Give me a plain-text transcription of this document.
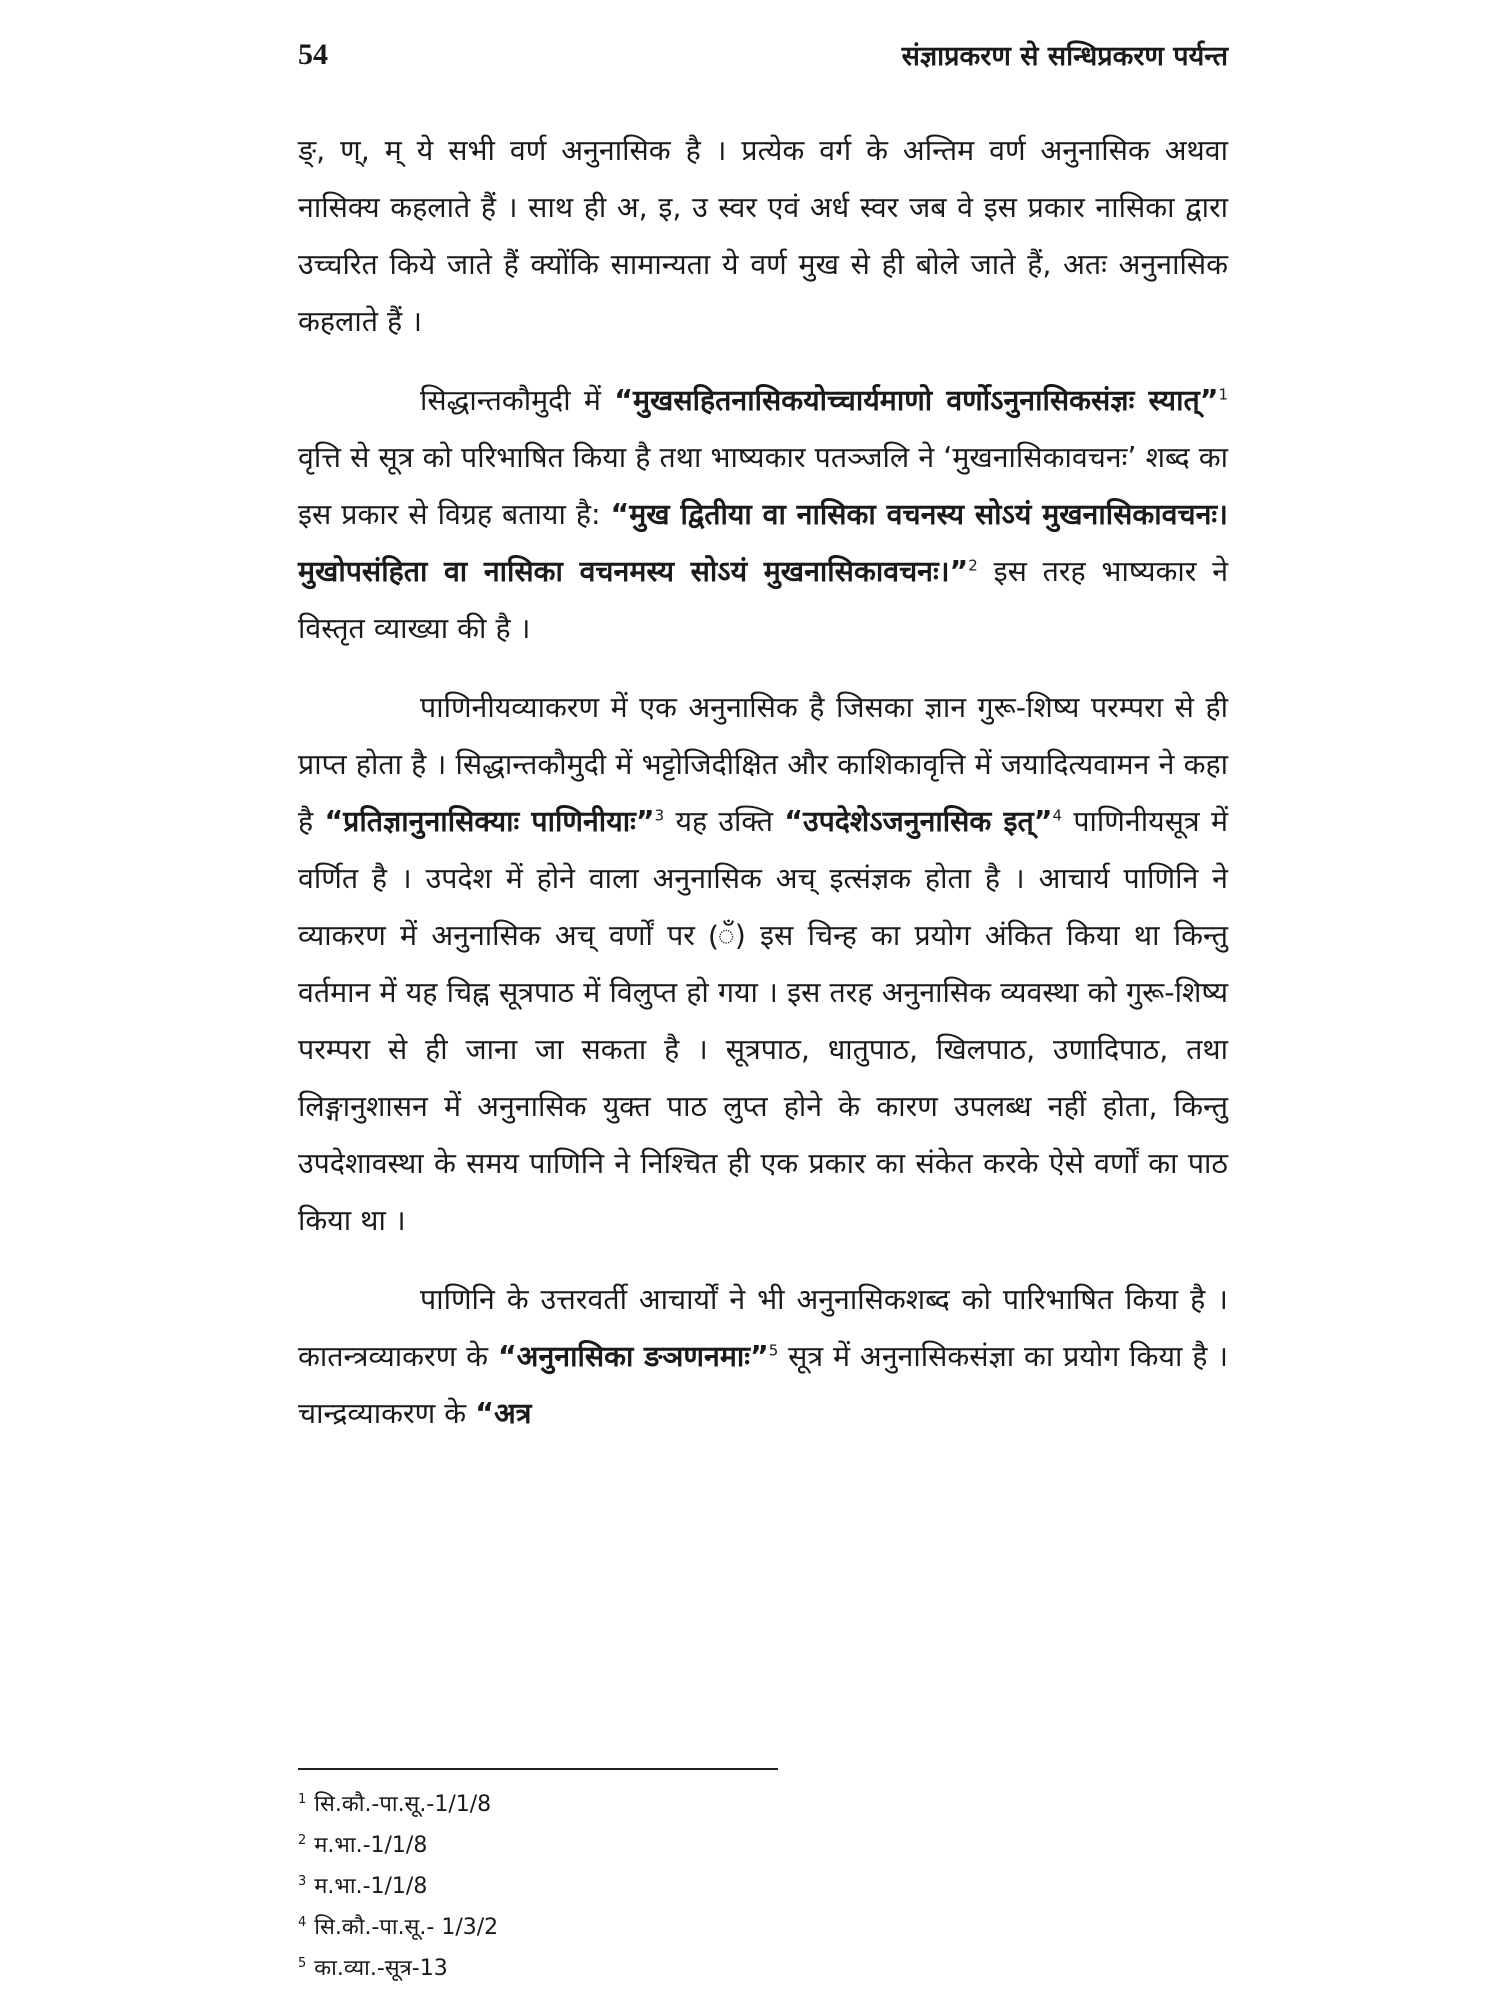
54	संज्ञाप्रकरण से सन्धिप्रकरण पर्यन्त

ङ्, ण्, म् ये सभी वर्ण अनुनासिक है । प्रत्येक वर्ग के अन्तिम वर्ण अनुनासिक अथवा नासिक्य कहलाते हैं । साथ ही अ, इ, उ स्वर एवं अर्ध स्वर जब वे इस प्रकार नासिका द्वारा उच्चरित किये जाते हैं क्योंकि सामान्यता ये वर्ण मुख से ही बोले जाते हैं, अतः अनुनासिक कहलाते हैं ।

सिद्धान्तकौमुदी में “मुखसहितनासिकयोच्चार्यमाणो वर्णोऽनुनासिकसंज्ञः स्यात्”$^1$ वृत्ति से सूत्र को परिभाषित किया है तथा भाष्यकार पतञ्जलि ने ‘मुखनासिकावचनः’ शब्द का इस प्रकार से विग्रह बताया है: “मुख द्वितीया वा नासिका वचनस्य सोऽयं मुखनासिकावचनः। मुखोपसंहिता वा नासिका वचनमस्य सोऽयं मुखनासिकावचनः।”$^2$ इस तरह भाष्यकार ने विस्तृत व्याख्या की है ।

पाणिनीयव्याकरण में एक अनुनासिक है जिसका ज्ञान गुरू-शिष्य परम्परा से ही प्राप्त होता है । सिद्धान्तकौमुदी में भट्टोजिदीक्षित और काशिकावृत्ति में जयादित्यवामन ने कहा है “प्रतिज्ञानुनासिक्याः पाणिनीयाः”$^3$ यह उक्ति “उपदेशेऽजनुनासिक इत्”$^4$ पाणिनीयसूत्र में वर्णित है । उपदेश में होने वाला अनुनासिक अच् इत्संज्ञक होता है । आचार्य पाणिनि ने व्याकरण में अनुनासिक अच् वर्णों पर (ँ) इस चिन्ह का प्रयोग अंकित किया था किन्तु वर्तमान में यह चिह्न सूत्रपाठ में विलुप्त हो गया । इस तरह अनुनासिक व्यवस्था को गुरू-शिष्य परम्परा से ही जाना जा सकता है । सूत्रपाठ, धातुपाठ, खिलपाठ, उणादिपाठ, तथा लिङ्गानुशासन में अनुनासिक युक्त पाठ लुप्त होने के कारण उपलब्ध नहीं होता, किन्तु उपदेशावस्था के समय पाणिनि ने निश्चित ही एक प्रकार का संकेत करके ऐसे वर्णों का पाठ किया था ।

पाणिनि के उत्तरवर्ती आचार्यों ने भी अनुनासिकशब्द को पारिभाषित किया है । कातन्त्रव्याकरण के “अनुनासिका ङञणनमाः”$^5$ सूत्र में अनुनासिकसंज्ञा का प्रयोग किया है । चान्द्रव्याकरण के “अत्र

$^1$ सि.कौ.-पा.सू.-1/1/8
$^2$ म.भा.-1/1/8
$^3$ म.भा.-1/1/8
$^4$ सि.कौ.-पा.सू.- 1/3/2
$^5$ का.व्या.-सूत्र-13
